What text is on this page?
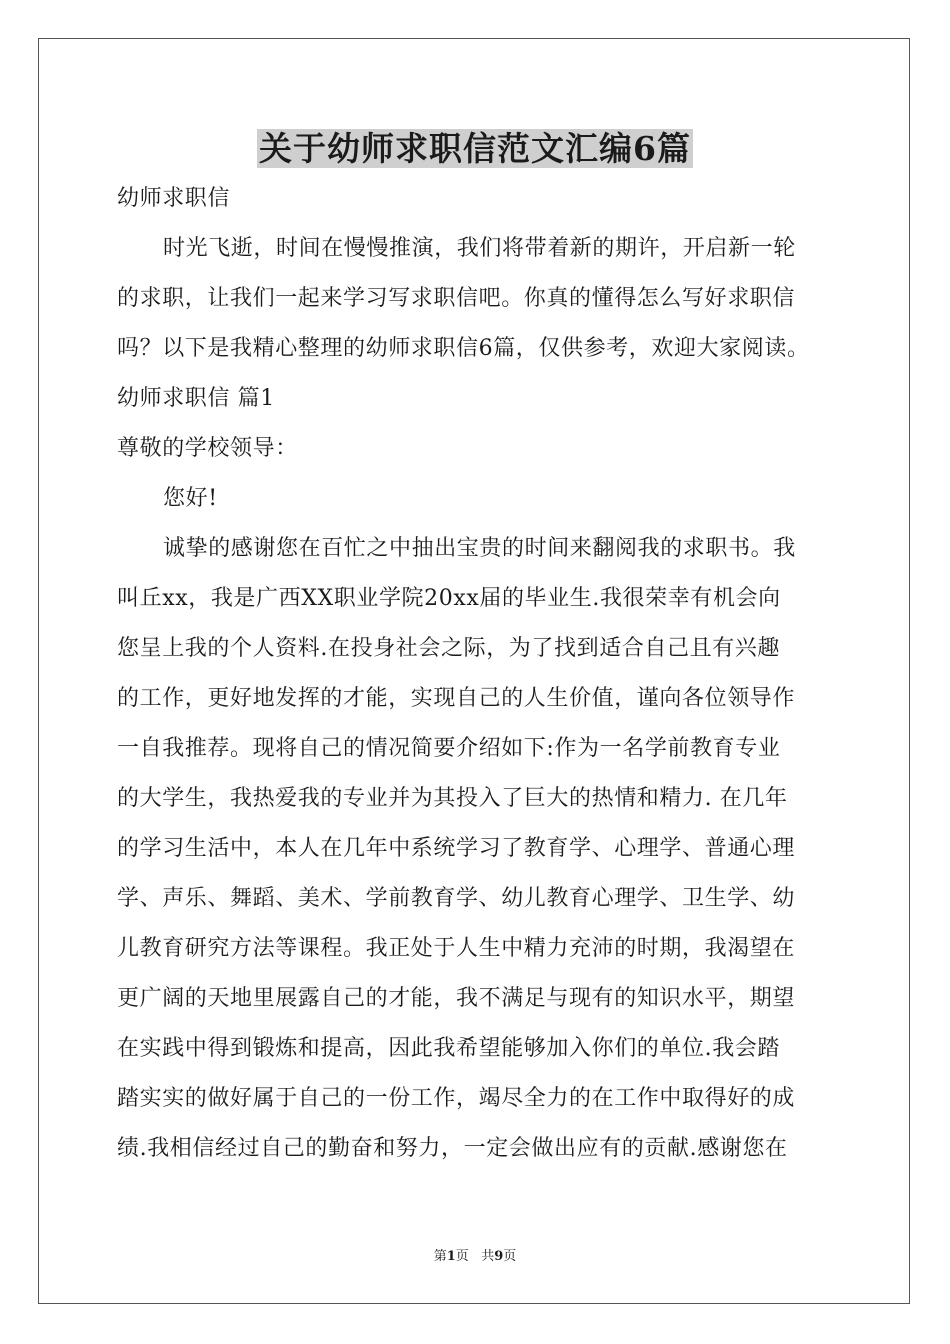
关于幼师求职信范文汇编6篇
幼师求职信
时光飞逝，时间在慢慢推演，我们将带着新的期许，开启新一轮
的求职，让我们一起来学习写求职信吧。你真的懂得怎么写好求职信
吗？以下是我精心整理的幼师求职信6篇，仅供参考，欢迎大家阅读。
幼师求职信 篇1
尊敬的学校领导：
您好!
诚挚的感谢您在百忙之中抽出宝贵的时间来翻阅我的求职书。我
叫丘xx，我是广西XX职业学院20xx届的毕业生.我很荣幸有机会向
您呈上我的个人资料.在投身社会之际，为了找到适合自己且有兴趣
的工作，更好地发挥的才能，实现自己的人生价值，谨向各位领导作
一自我推荐。现将自己的情况简要介绍如下:作为一名学前教育专业
的大学生，我热爱我的专业并为其投入了巨大的热情和精力. 在几年
的学习生活中，本人在几年中系统学习了教育学、心理学、普通心理
学、声乐、舞蹈、美术、学前教育学、幼儿教育心理学、卫生学、幼
儿教育研究方法等课程。我正处于人生中精力充沛的时期，我渴望在
更广阔的天地里展露自己的才能，我不满足与现有的知识水平，期望
在实践中得到锻炼和提高，因此我希望能够加入你们的单位.我会踏
踏实实的做好属于自己的一份工作，竭尽全力的在工作中取得好的成
绩.我相信经过自己的勤奋和努力，一定会做出应有的贡献.感谢您在
第1页 共9页
